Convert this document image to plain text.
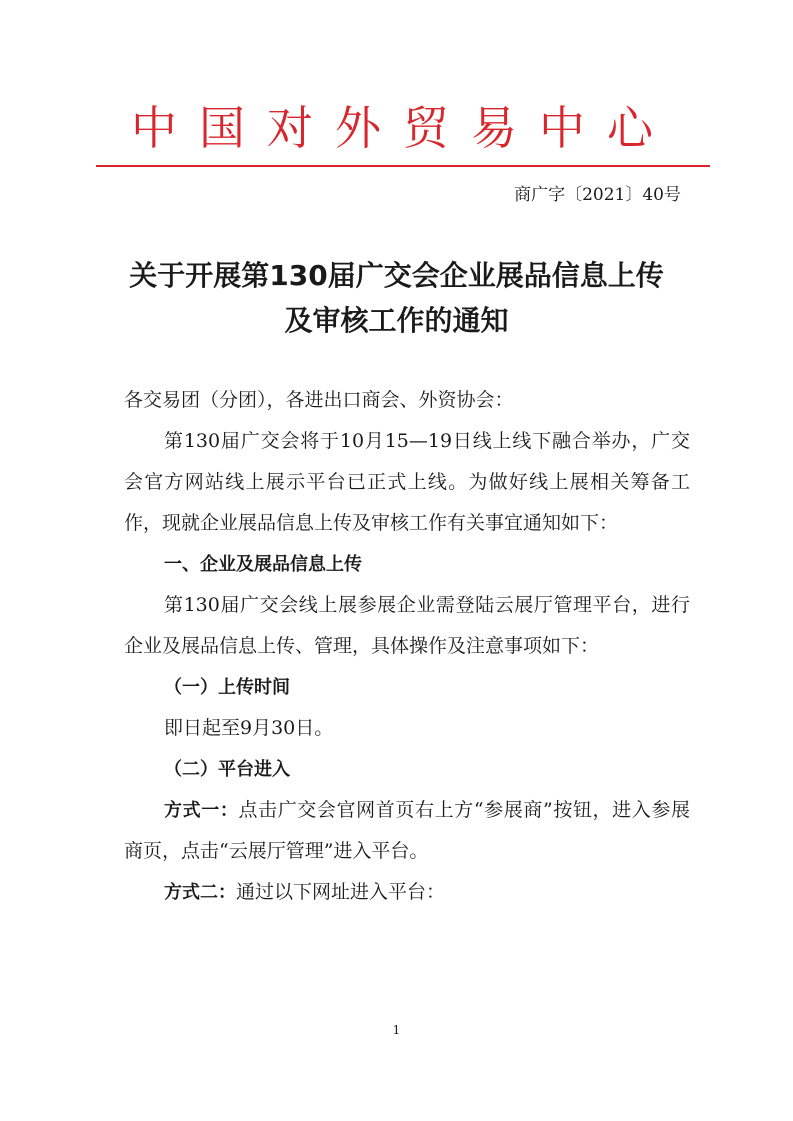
中国对外贸易中心
商广字〔2021〕40号
关于开展第130届广交会企业展品信息上传
及审核工作的通知

各交易团（分团），各进出口商会、外资协会：

第130届广交会将于10月15—19日线上线下融合举办，广交会官方网站线上展示平台已正式上线。为做好线上展相关筹备工作，现就企业展品信息上传及审核工作有关事宜通知如下：

一、企业及展品信息上传

第130届广交会线上展参展企业需登陆云展厅管理平台，进行企业及展品信息上传、管理，具体操作及注意事项如下：

（一）上传时间

即日起至9月30日。

（二）平台进入

方式一：点击广交会官网首页右上方“参展商”按钮，进入参展商页，点击“云展厅管理”进入平台。

方式二：通过以下网址进入平台：

1
